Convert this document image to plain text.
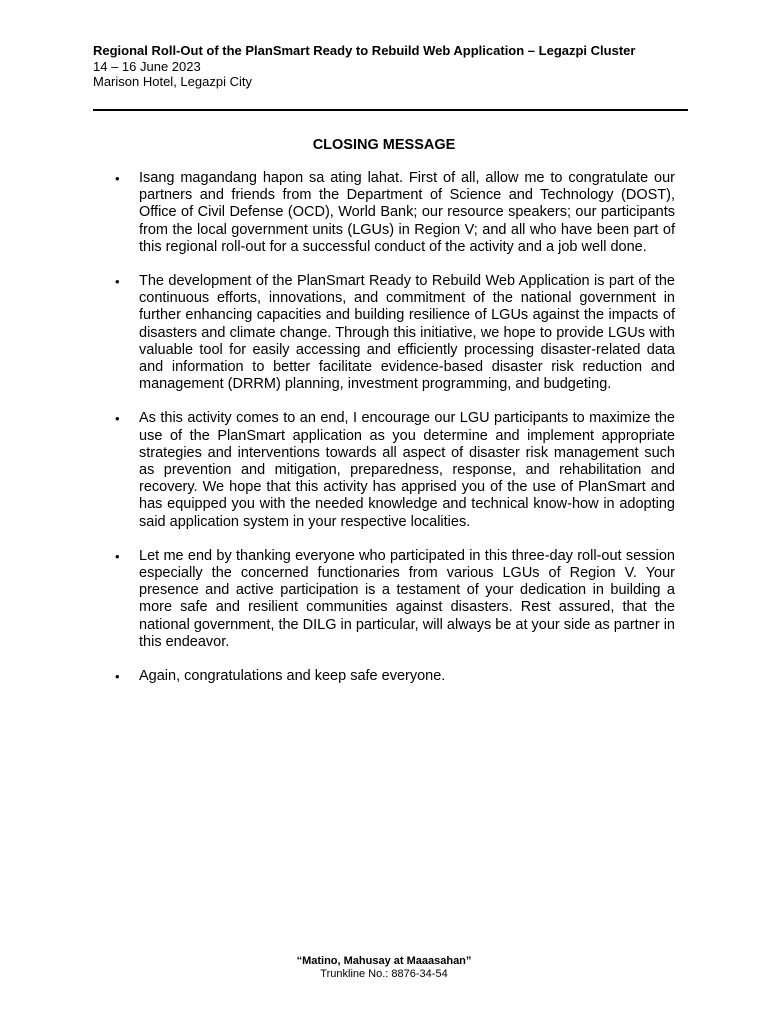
Regional Roll-Out of the PlanSmart Ready to Rebuild Web Application – Legazpi Cluster
14 – 16 June 2023
Marison Hotel, Legazpi City
CLOSING MESSAGE
• Isang magandang hapon sa ating lahat. First of all, allow me to congratulate our partners and friends from the Department of Science and Technology (DOST), Office of Civil Defense (OCD), World Bank; our resource speakers; our participants from the local government units (LGUs) in Region V; and all who have been part of this regional roll-out for a successful conduct of the activity and a job well done.
• The development of the PlanSmart Ready to Rebuild Web Application is part of the continuous efforts, innovations, and commitment of the national government in further enhancing capacities and building resilience of LGUs against the impacts of disasters and climate change. Through this initiative, we hope to provide LGUs with valuable tool for easily accessing and efficiently processing disaster-related data and information to better facilitate evidence-based disaster risk reduction and management (DRRM) planning, investment programming, and budgeting.
• As this activity comes to an end, I encourage our LGU participants to maximize the use of the PlanSmart application as you determine and implement appropriate strategies and interventions towards all aspect of disaster risk management such as prevention and mitigation, preparedness, response, and rehabilitation and recovery. We hope that this activity has apprised you of the use of PlanSmart and has equipped you with the needed knowledge and technical know-how in adopting said application system in your respective localities.
• Let me end by thanking everyone who participated in this three-day roll-out session especially the concerned functionaries from various LGUs of Region V. Your presence and active participation is a testament of your dedication in building a more safe and resilient communities against disasters. Rest assured, that the national government, the DILG in particular, will always be at your side as partner in this endeavor.
• Again, congratulations and keep safe everyone.
“Matino, Mahusay at Maaasahan”
Trunkline No.: 8876-34-54
